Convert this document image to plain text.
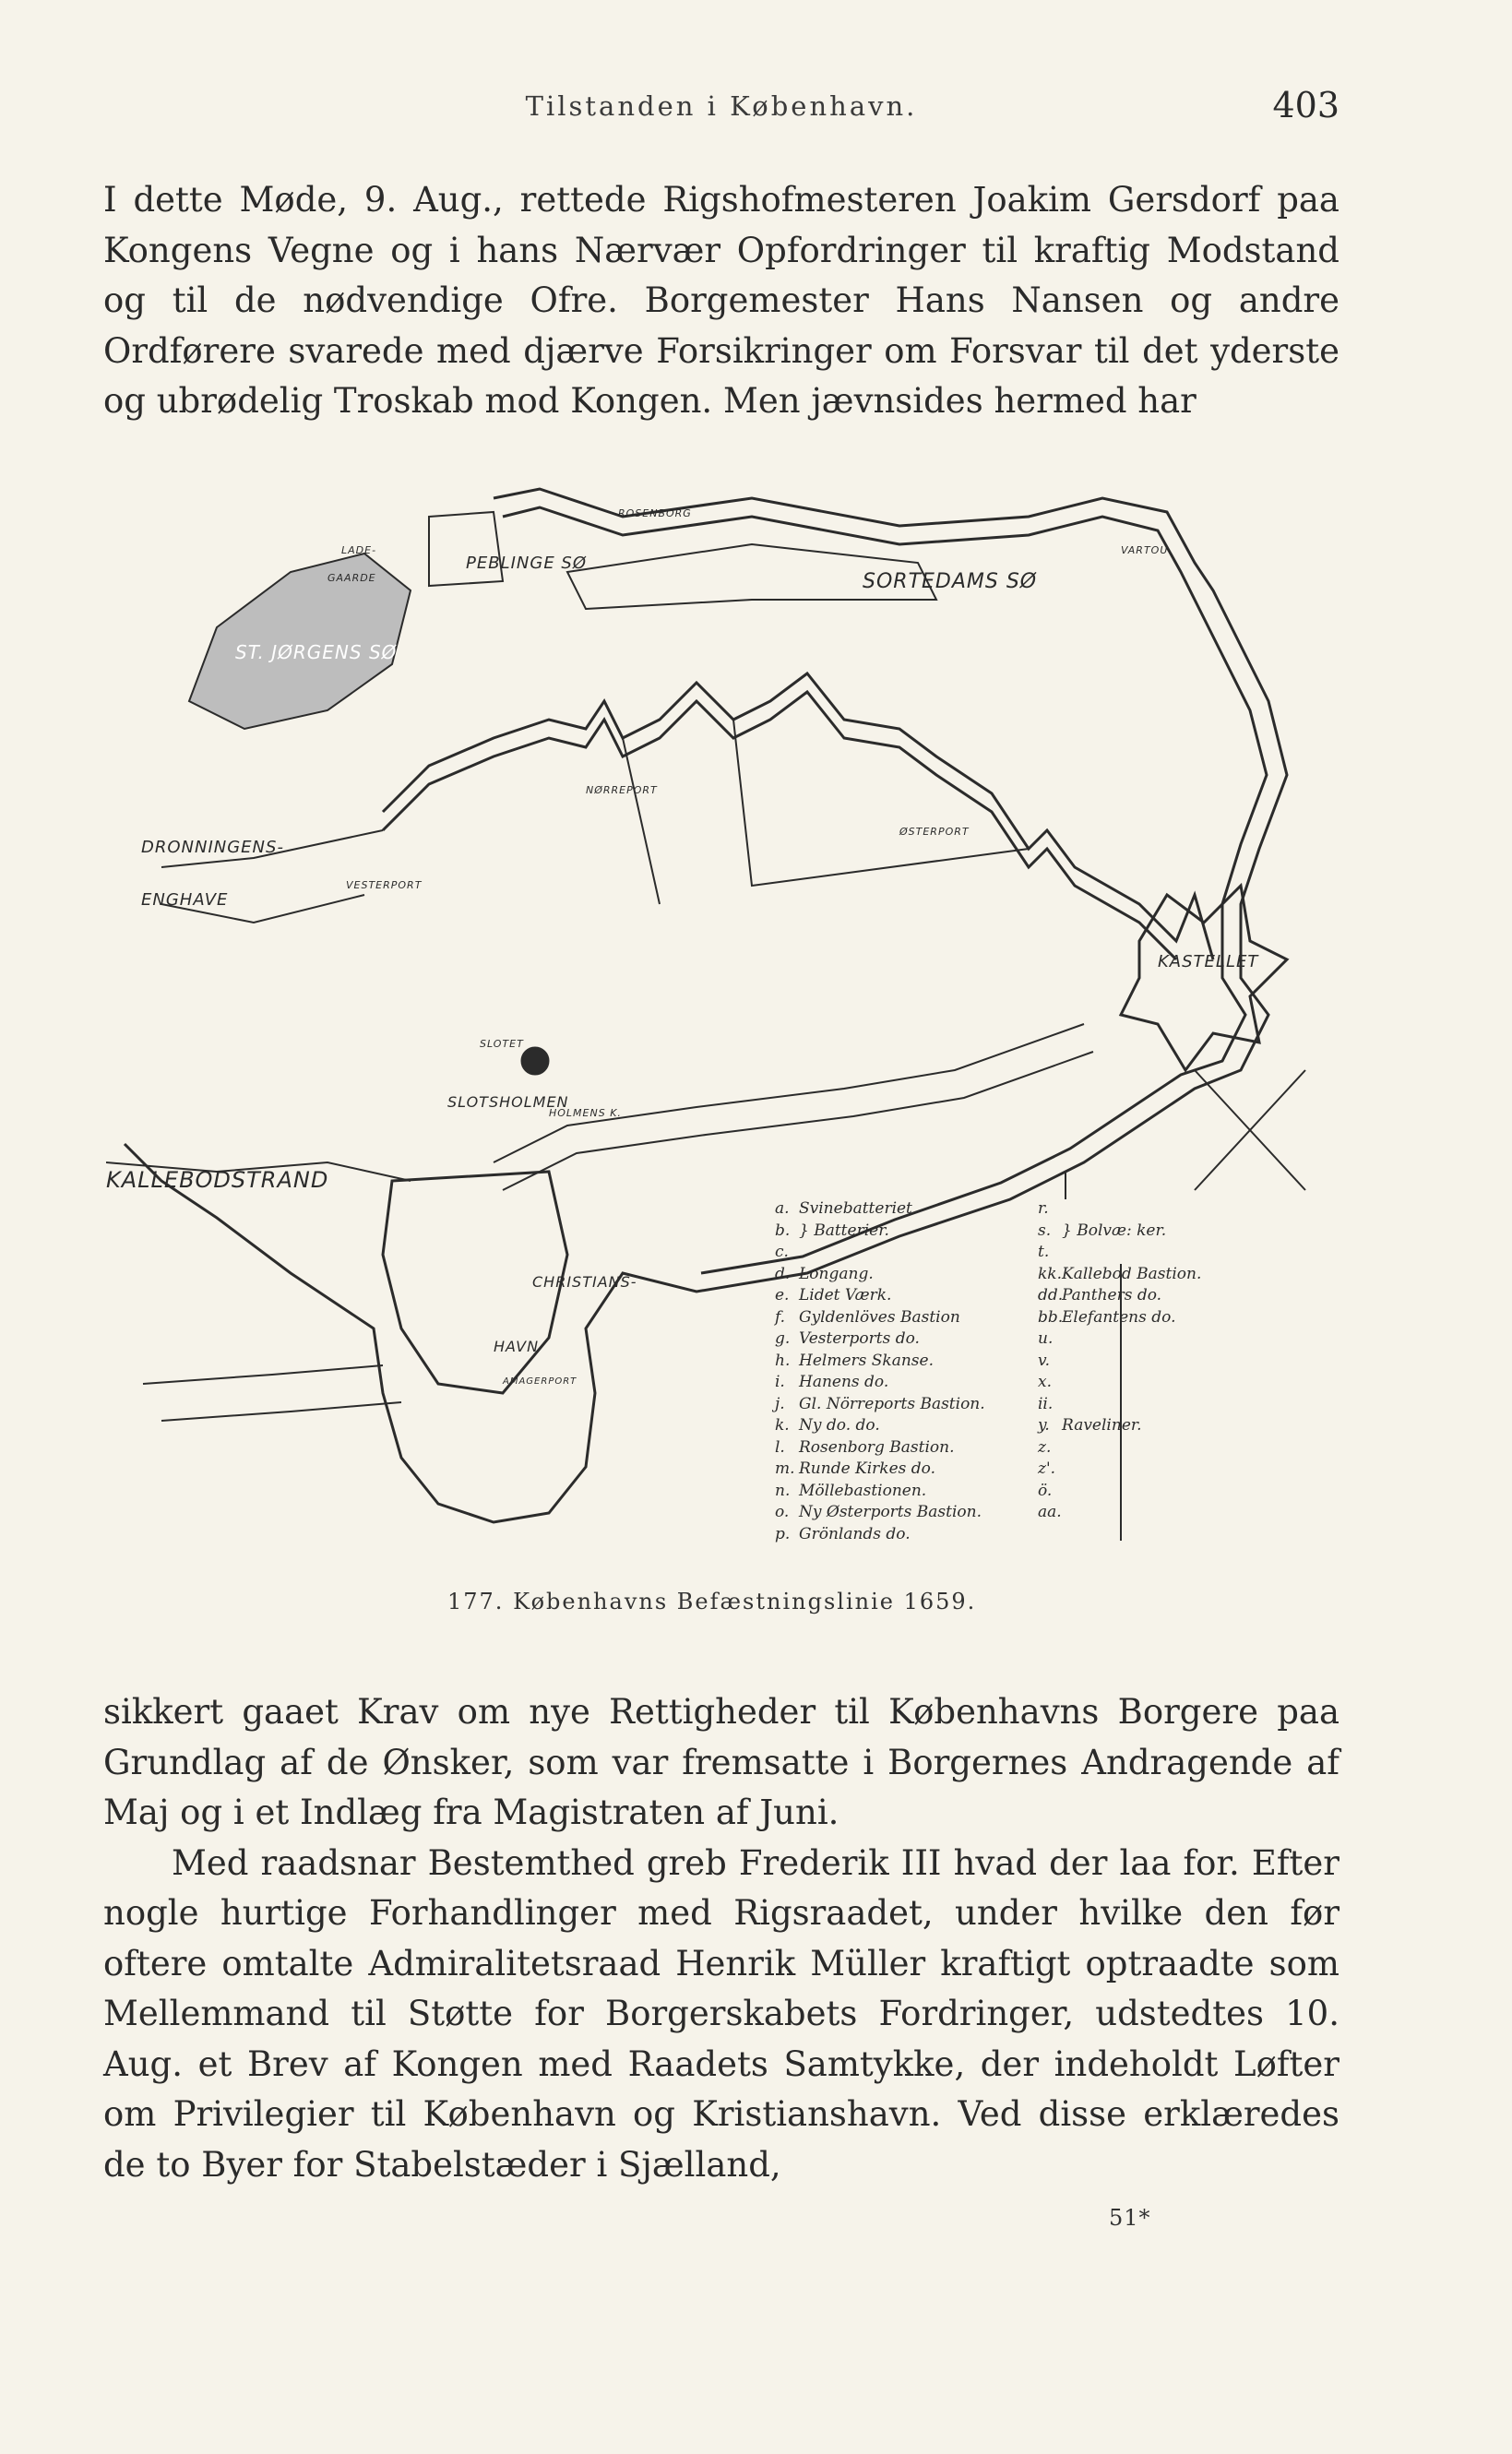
Tilstanden i København.	403

I dette Møde, 9. Aug., rettede Rigshofmesteren Joakim Gersdorf paa Kongens Vegne og i hans Nærvær Opfordringer til kraftig Modstand og til de nødvendige Ofre. Borgemester Hans Nansen og andre Ordførere svarede med djærve Forsikringer om Forsvar til det yderste og ubrødelig Troskab mod Kongen. Men jævnsides hermed har

PEBLINGE SØ
SORTEDAMS SØ
ST. JØRGENS SØ
LADE-
GAARDE
ROSENBORG
VARTOU
NØRREPORT
ØSTERPORT
DRONNINGENS-
ENGHAVE
VESTERPORT
KASTELLET
SLOTET
SLOTSHOLMEN
HOLMENS K.
KALLEBODSTRAND
CHRISTIANS-
HAVN
AMAGERPORT
a. Svinebatteriet
b. } Batterier.
c.
d. Longang.
e. Lidet Værk.
f. Gyldenlöves Bastion
g. Vesterports do.
h. Helmers Skanse.
i. Hanens do.
j. Gl. Nörreports Bastion.
k. Ny do. do.
l. Rosenborg Bastion.
m. Runde Kirkes do.
n. Möllebastionen.
o. Ny Østerports Bastion.
p. Grönlands do.
r.
s. } Bolvæ: ker.
t.
kk.Kallebod Bastion.
dd.Panthers do.
bb.Elefantens do.
u.
v.
x.
ii.
y. Raveliner.
z.
z'.
ö.
aa.
177. Københavns Befæstningslinie 1659.

sikkert gaaet Krav om nye Rettigheder til Københavns Borgere paa Grundlag af de Ønsker, som var fremsatte i Borgernes Andragende af Maj og i et Indlæg fra Magistraten af Juni.

Med raadsnar Bestemthed greb Frederik III hvad der laa for. Efter nogle hurtige Forhandlinger med Rigsraadet, under hvilke den før oftere omtalte Admiralitetsraad Henrik Müller kraftigt optraadte som Mellemmand til Støtte for Borgerskabets Fordringer, udstedtes 10. Aug. et Brev af Kongen med Raadets Samtykke, der indeholdt Løfter om Privilegier til København og Kristianshavn. Ved disse erklæredes de to Byer for Stabelstæder i Sjælland,

51*
